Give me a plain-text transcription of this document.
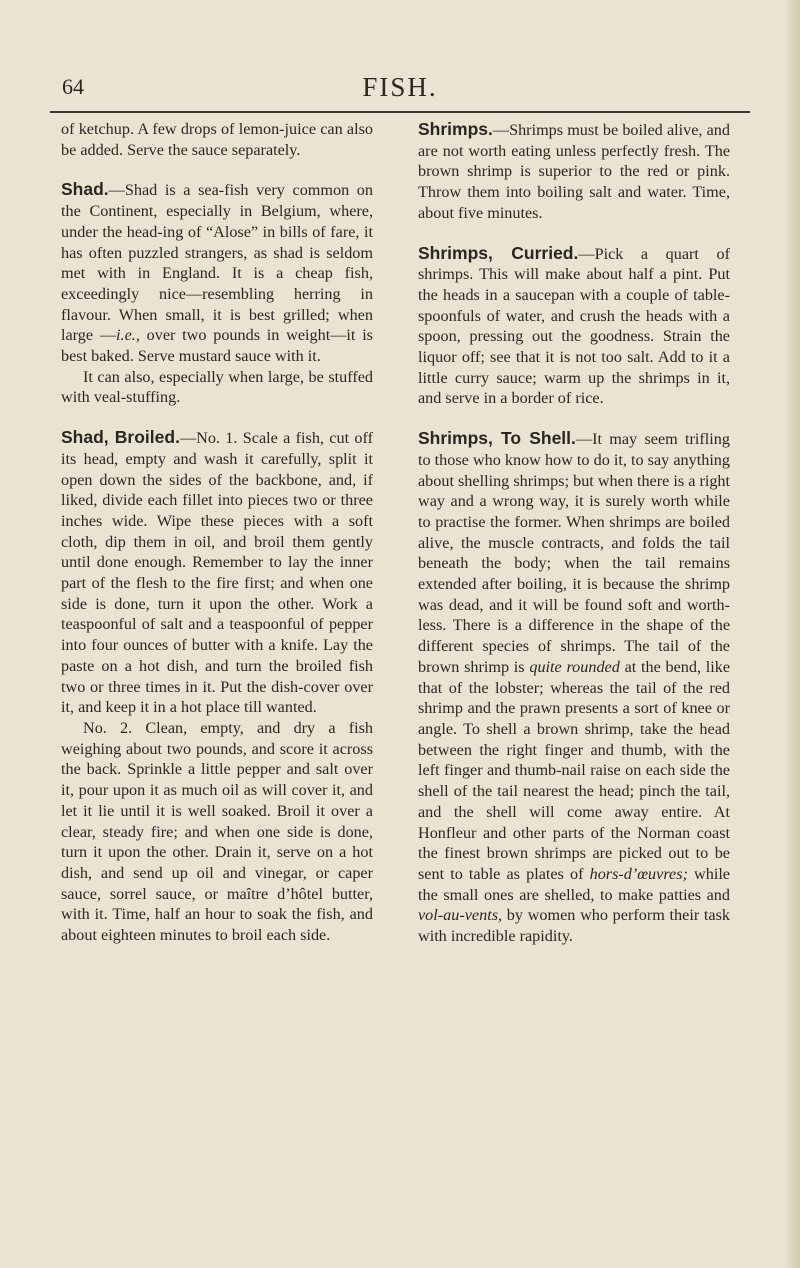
64	FISH.

of ketchup. A few drops of lemon-juice can also be added. Serve the sauce separately.

Shad.—Shad is a sea-fish very common on the Continent, especially in Belgium, where, under the head-ing of “Alose” in bills of fare, it has often puzzled strangers, as shad is seldom met with in England. It is a cheap fish, exceedingly nice—resembling herring in flavour. When small, it is best grilled; when large —i.e., over two pounds in weight—it is best baked. Serve mustard sauce with it.

It can also, especially when large, be stuffed with veal-stuffing.

Shad, Broiled.—No. 1. Scale a fish, cut off its head, empty and wash it carefully, split it open down the sides of the backbone, and, if liked, divide each fillet into pieces two or three inches wide. Wipe these pieces with a soft cloth, dip them in oil, and broil them gently until done enough. Remember to lay the inner part of the flesh to the fire first; and when one side is done, turn it upon the other. Work a teaspoonful of salt and a teaspoonful of pepper into four ounces of butter with a knife. Lay the paste on a hot dish, and turn the broiled fish two or three times in it. Put the dish-cover over it, and keep it in a hot place till wanted.

No. 2. Clean, empty, and dry a fish weighing about two pounds, and score it across the back. Sprinkle a little pepper and salt over it, pour upon it as much oil as will cover it, and let it lie until it is well soaked. Broil it over a clear, steady fire; and when one side is done, turn it upon the other. Drain it, serve on a hot dish, and send up oil and vinegar, or caper sauce, sorrel sauce, or maître d’hôtel butter, with it. Time, half an hour to soak the fish, and about eighteen minutes to broil each side.

Shrimps.—Shrimps must be boiled alive, and are not worth eating unless perfectly fresh. The brown shrimp is superior to the red or pink. Throw them into boiling salt and water. Time, about five minutes.

Shrimps, Curried.—Pick a quart of shrimps. This will make about half a pint. Put the heads in a saucepan with a couple of table-spoonfuls of water, and crush the heads with a spoon, pressing out the goodness. Strain the liquor off; see that it is not too salt. Add to it a little curry sauce; warm up the shrimps in it, and serve in a border of rice.

Shrimps, To Shell.—It may seem trifling to those who know how to do it, to say anything about shelling shrimps; but when there is a right way and a wrong way, it is surely worth while to practise the former. When shrimps are boiled alive, the muscle contracts, and folds the tail beneath the body; when the tail remains extended after boiling, it is because the shrimp was dead, and it will be found soft and worth-less. There is a difference in the shape of the different species of shrimps. The tail of the brown shrimp is quite rounded at the bend, like that of the lobster; whereas the tail of the red shrimp and the prawn presents a sort of knee or angle. To shell a brown shrimp, take the head between the right finger and thumb, with the left finger and thumb-nail raise on each side the shell of the tail nearest the head; pinch the tail, and the shell will come away entire. At Honfleur and other parts of the Norman coast the finest brown shrimps are picked out to be sent to table as plates of hors-d’œuvres; while the small ones are shelled, to make patties and vol-au-vents, by women who perform their task with incredible rapidity.
